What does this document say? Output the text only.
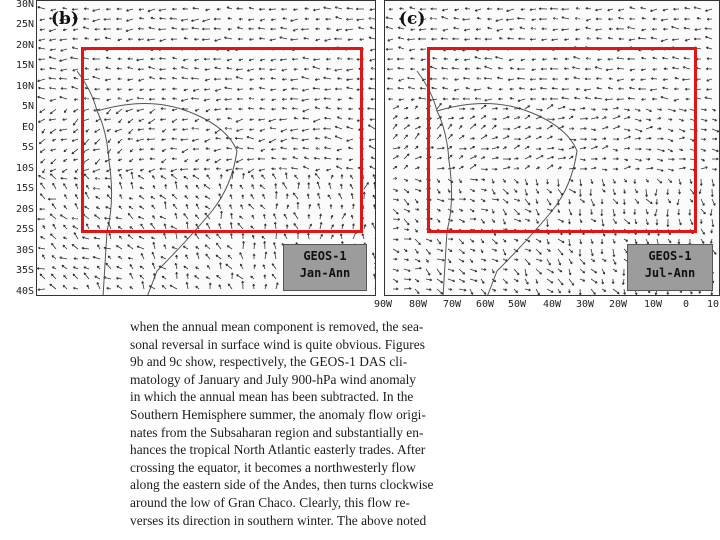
30N
25N
20N
15N
10N
5N
EQ
5S
10S
15S
20S
25S
30S
35S
40S
(b)
GEOS-1
Jan-Ann
(c)
GEOS-1
Jul-Ann
90W 80W 70W 60W 50W 40W 30W 20W 10W 0 10

when the annual mean component is removed, the sea-

sonal reversal in surface wind is quite obvious. Figures

9b and 9c show, respectively, the GEOS-1 DAS cli-

matology of January and July 900-hPa wind anomaly

in which the annual mean has been subtracted. In the

Southern Hemisphere summer, the anomaly flow origi-

nates from the Subsaharan region and substantially en-

hances the tropical North Atlantic easterly trades. After

crossing the equator, it becomes a northwesterly flow

along the eastern side of the Andes, then turns clockwise

around the low of Gran Chaco. Clearly, this flow re-

verses its direction in southern winter. The above noted
